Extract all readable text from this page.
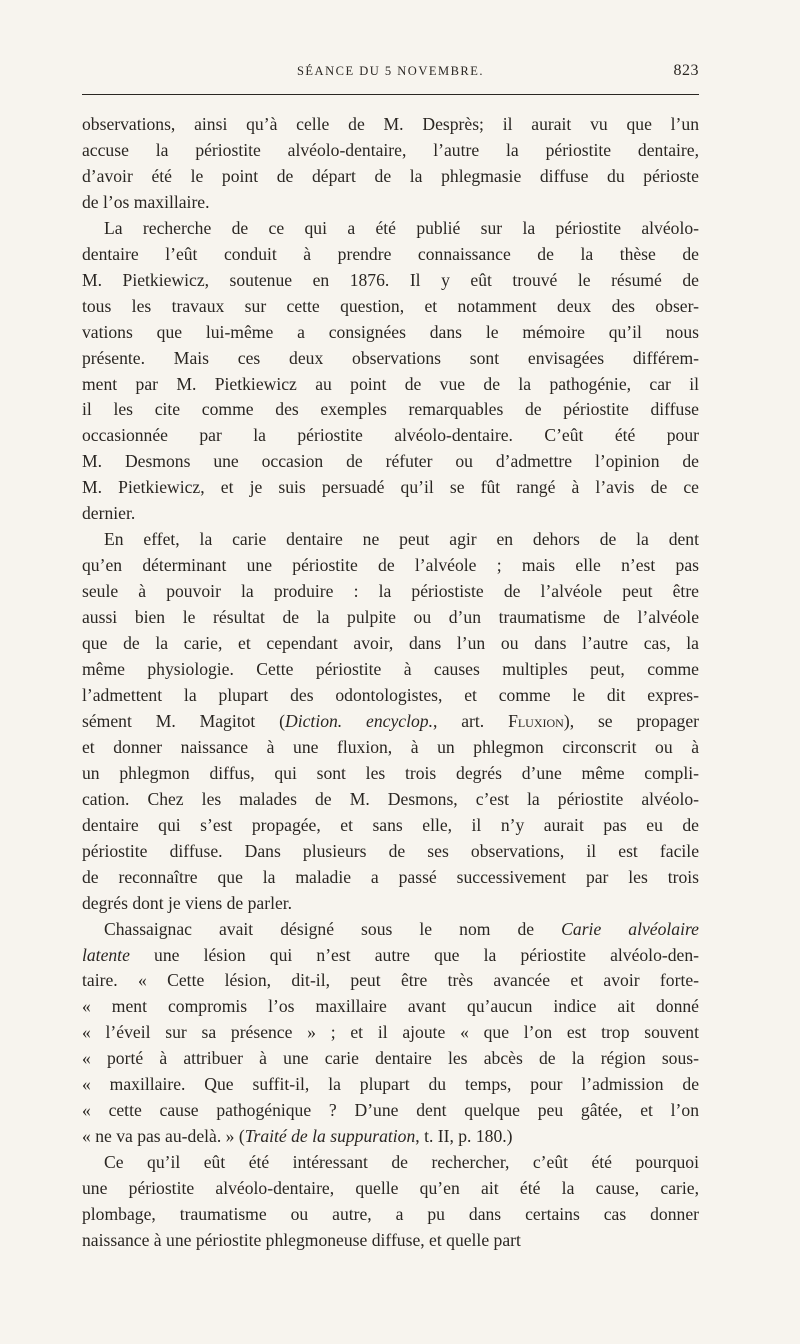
SÉANCE DU 5 NOVEMBRE.	823

observations, ainsi qu’à celle de M. Desprès; il aurait vu que l’un
accuse la périostite alvéolo-dentaire, l’autre la périostite dentaire,
d’avoir été le point de départ de la phlegmasie diffuse du périoste
de l’os maxillaire.

La recherche de ce qui a été publié sur la périostite alvéolo-
dentaire l’eût conduit à prendre connaissance de la thèse de
M. Pietkiewicz, soutenue en 1876. Il y eût trouvé le résumé de
tous les travaux sur cette question, et notamment deux des obser-
vations que lui-même a consignées dans le mémoire qu’il nous
présente. Mais ces deux observations sont envisagées différem-
ment par M. Pietkiewicz au point de vue de la pathogénie, car il
il les cite comme des exemples remarquables de périostite diffuse
occasionnée par la périostite alvéolo-dentaire. C’eût été pour
M. Desmons une occasion de réfuter ou d’admettre l’opinion de
M. Pietkiewicz, et je suis persuadé qu’il se fût rangé à l’avis de ce
dernier.

En effet, la carie dentaire ne peut agir en dehors de la dent
qu’en déterminant une périostite de l’alvéole ; mais elle n’est pas
seule à pouvoir la produire : la périostiste de l’alvéole peut être
aussi bien le résultat de la pulpite ou d’un traumatisme de l’alvéole
que de la carie, et cependant avoir, dans l’un ou dans l’autre cas, la
même physiologie. Cette périostite à causes multiples peut, comme
l’admettent la plupart des odontologistes, et comme le dit expres-
sément M. Magitot (Diction. encyclop., art. Fluxion), se propager
et donner naissance à une fluxion, à un phlegmon circonscrit ou à
un phlegmon diffus, qui sont les trois degrés d’une même compli-
cation. Chez les malades de M. Desmons, c’est la périostite alvéolo-
dentaire qui s’est propagée, et sans elle, il n’y aurait pas eu de
périostite diffuse. Dans plusieurs de ses observations, il est facile
de reconnaître que la maladie a passé successivement par les trois
degrés dont je viens de parler.

Chassaignac avait désigné sous le nom de Carie alvéolaire
latente une lésion qui n’est autre que la périostite alvéolo-den-
taire. « Cette lésion, dit-il, peut être très avancée et avoir forte-
« ment compromis l’os maxillaire avant qu’aucun indice ait donné
« l’éveil sur sa présence » ; et il ajoute « que l’on est trop souvent
« porté à attribuer à une carie dentaire les abcès de la région sous-
« maxillaire. Que suffit-il, la plupart du temps, pour l’admission de
« cette cause pathogénique ? D’une dent quelque peu gâtée, et l’on
« ne va pas au-delà. » (Traité de la suppuration, t. II, p. 180.)

Ce qu’il eût été intéressant de rechercher, c’eût été pourquoi
une périostite alvéolo-dentaire, quelle qu’en ait été la cause, carie,
plombage, traumatisme ou autre, a pu dans certains cas donner
naissance à une périostite phlegmoneuse diffuse, et quelle part
